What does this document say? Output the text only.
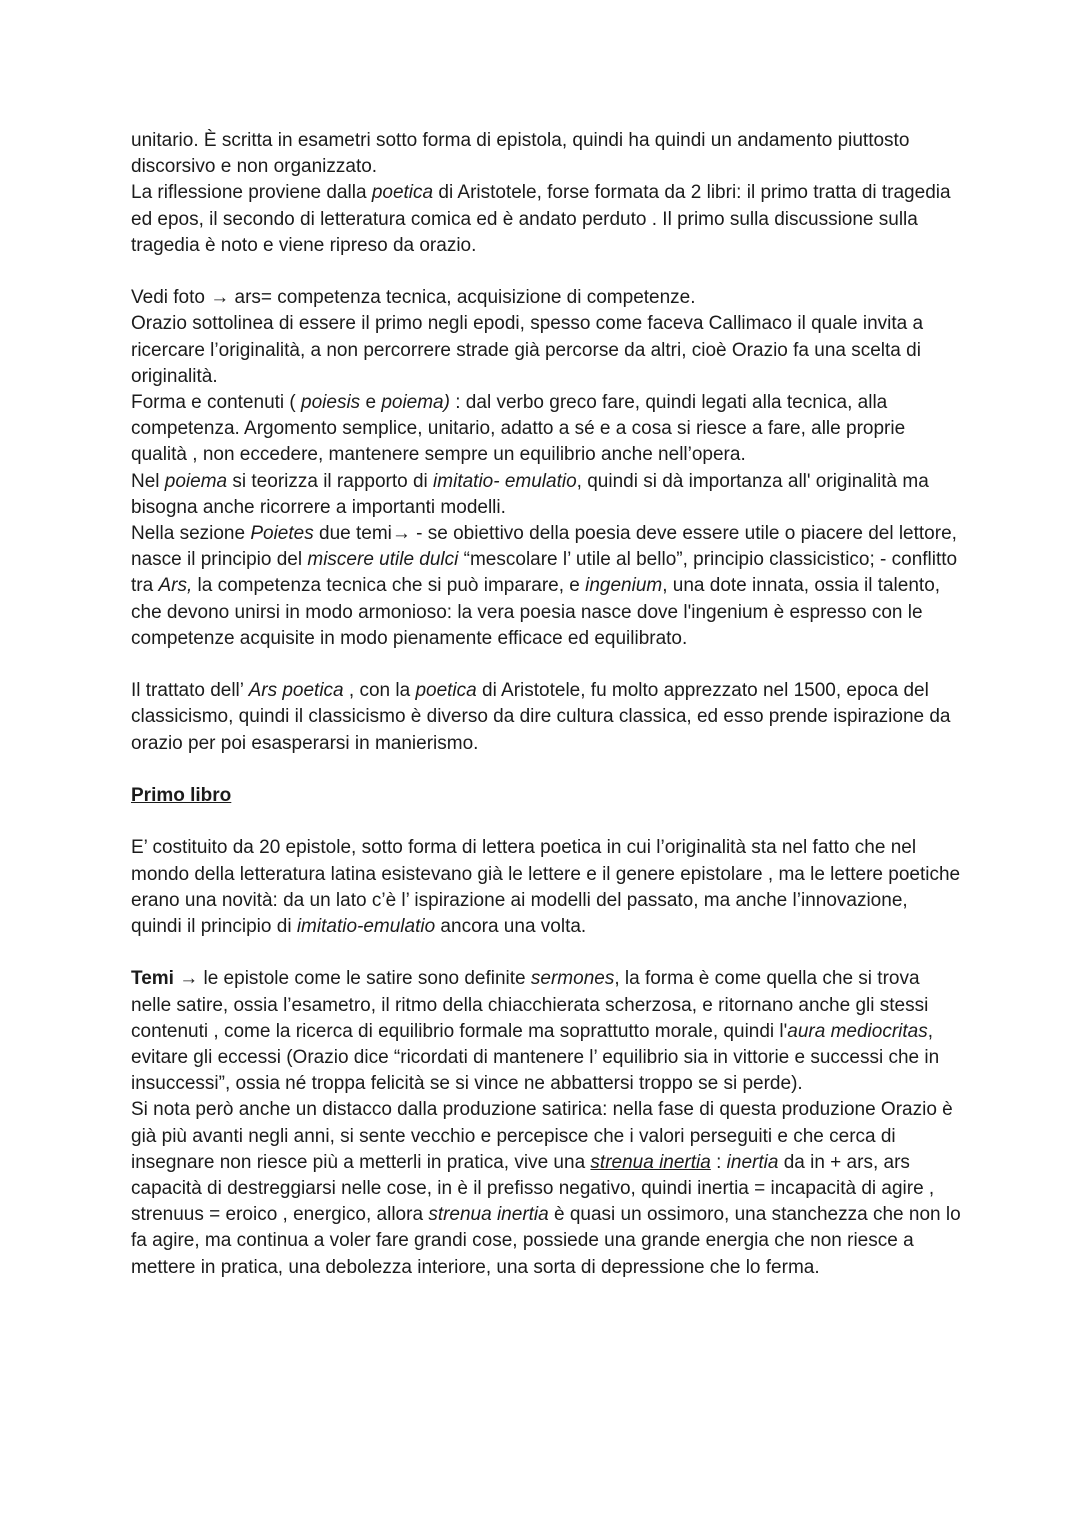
unitario. È scritta in esametri sotto forma di epistola, quindi ha quindi un andamento piuttosto discorsivo e non organizzato.

La riflessione proviene dalla poetica di Aristotele, forse formata da 2 libri: il primo tratta di tragedia ed epos, il secondo di letteratura comica ed è andato perduto . Il primo sulla discussione sulla tragedia è noto e viene ripreso da orazio.

Vedi foto → ars= competenza tecnica, acquisizione di competenze.

Orazio sottolinea di essere il primo negli epodi, spesso come faceva Callimaco il quale invita a ricercare l’originalità, a non percorrere strade già percorse da altri, cioè Orazio fa una scelta di originalità.

Forma e contenuti ( poiesis e poiema) : dal verbo greco fare, quindi legati alla tecnica, alla competenza. Argomento semplice, unitario, adatto a sé e a cosa si riesce a fare, alle proprie qualità , non eccedere, mantenere sempre un equilibrio anche nell’opera.

Nel poiema si teorizza il rapporto di imitatio- emulatio, quindi si dà importanza all' originalità ma bisogna anche ricorrere a importanti modelli.

Nella sezione Poietes due temi→ - se obiettivo della poesia deve essere utile o piacere del lettore, nasce il principio del miscere utile dulci “mescolare l’ utile al bello”, principio classicistico; - conflitto tra Ars, la competenza tecnica che si può imparare, e ingenium, una dote innata, ossia il talento, che devono unirsi in modo armonioso: la vera poesia nasce dove l'ingenium è espresso con le competenze acquisite in modo pienamente efficace ed equilibrato.

Il trattato dell’ Ars poetica , con la poetica di Aristotele, fu molto apprezzato nel 1500, epoca del classicismo, quindi il classicismo è diverso da dire cultura classica, ed esso prende ispirazione da orazio per poi esasperarsi in manierismo.

Primo libro

E’ costituito da 20 epistole, sotto forma di lettera poetica in cui l’originalità sta nel fatto che nel mondo della letteratura latina esistevano già le lettere e il genere epistolare , ma le lettere poetiche erano una novità: da un lato c’è l’ ispirazione ai modelli del passato, ma anche l’innovazione, quindi il principio di imitatio-emulatio ancora una volta.

Temi → le epistole come le satire sono definite sermones, la forma è come quella che si trova nelle satire, ossia l’esametro, il ritmo della chiacchierata scherzosa, e ritornano anche gli stessi contenuti , come la ricerca di equilibrio formale ma soprattutto morale, quindi l'aura mediocritas, evitare gli eccessi (Orazio dice “ricordati di mantenere l’ equilibrio sia in vittorie e successi che in insuccessi”, ossia né troppa felicità se si vince ne abbattersi troppo se si perde).

Si nota però anche un distacco dalla produzione satirica: nella fase di questa produzione Orazio è già più avanti negli anni, si sente vecchio e percepisce che i valori perseguiti e che cerca di insegnare non riesce più a metterli in pratica, vive una strenua inertia : inertia da in + ars, ars capacità di destreggiarsi nelle cose, in è il prefisso negativo, quindi inertia = incapacità di agire , strenuus = eroico , energico, allora strenua inertia è quasi un ossimoro, una stanchezza che non lo fa agire, ma continua a voler fare grandi cose, possiede una grande energia che non riesce a mettere in pratica, una debolezza interiore, una sorta di depressione che lo ferma.
